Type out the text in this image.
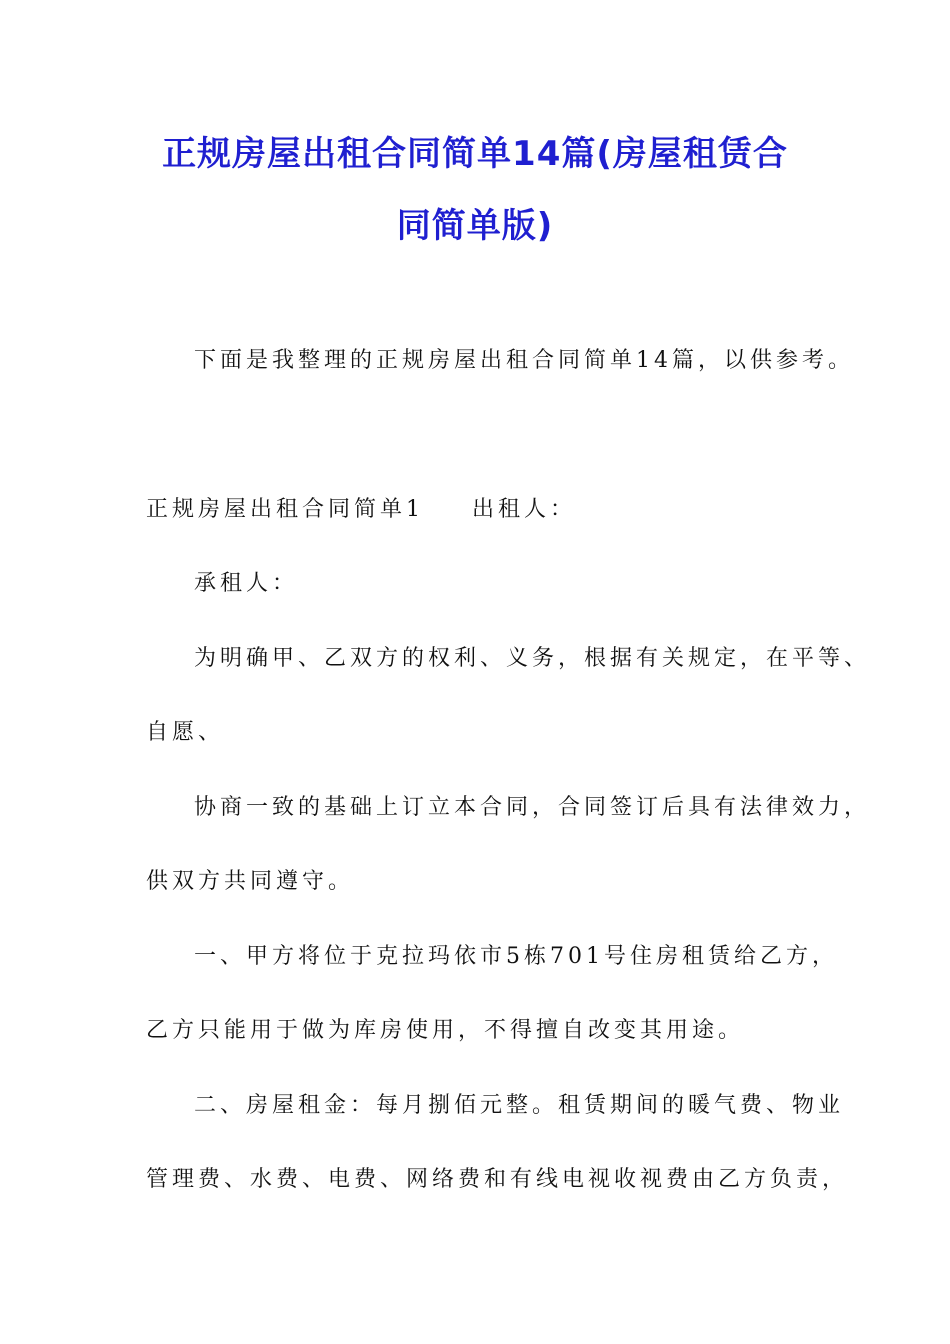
正规房屋出租合同简单14篇(房屋租赁合
同简单版)
下面是我整理的正规房屋出租合同简单14篇，以供参考。
正规房屋出租合同简单1 出租人：
承租人：
为明确甲、乙双方的权利、义务，根据有关规定，在平等、
自愿、
协商一致的基础上订立本合同，合同签订后具有法律效力，
供双方共同遵守。
一、甲方将位于克拉玛依市5栋701号住房租赁给乙方，
乙方只能用于做为库房使用，不得擅自改变其用途。
二、房屋租金：每月捌佰元整。租赁期间的暖气费、物业
管理费、水费、电费、网络费和有线电视收视费由乙方负责，
